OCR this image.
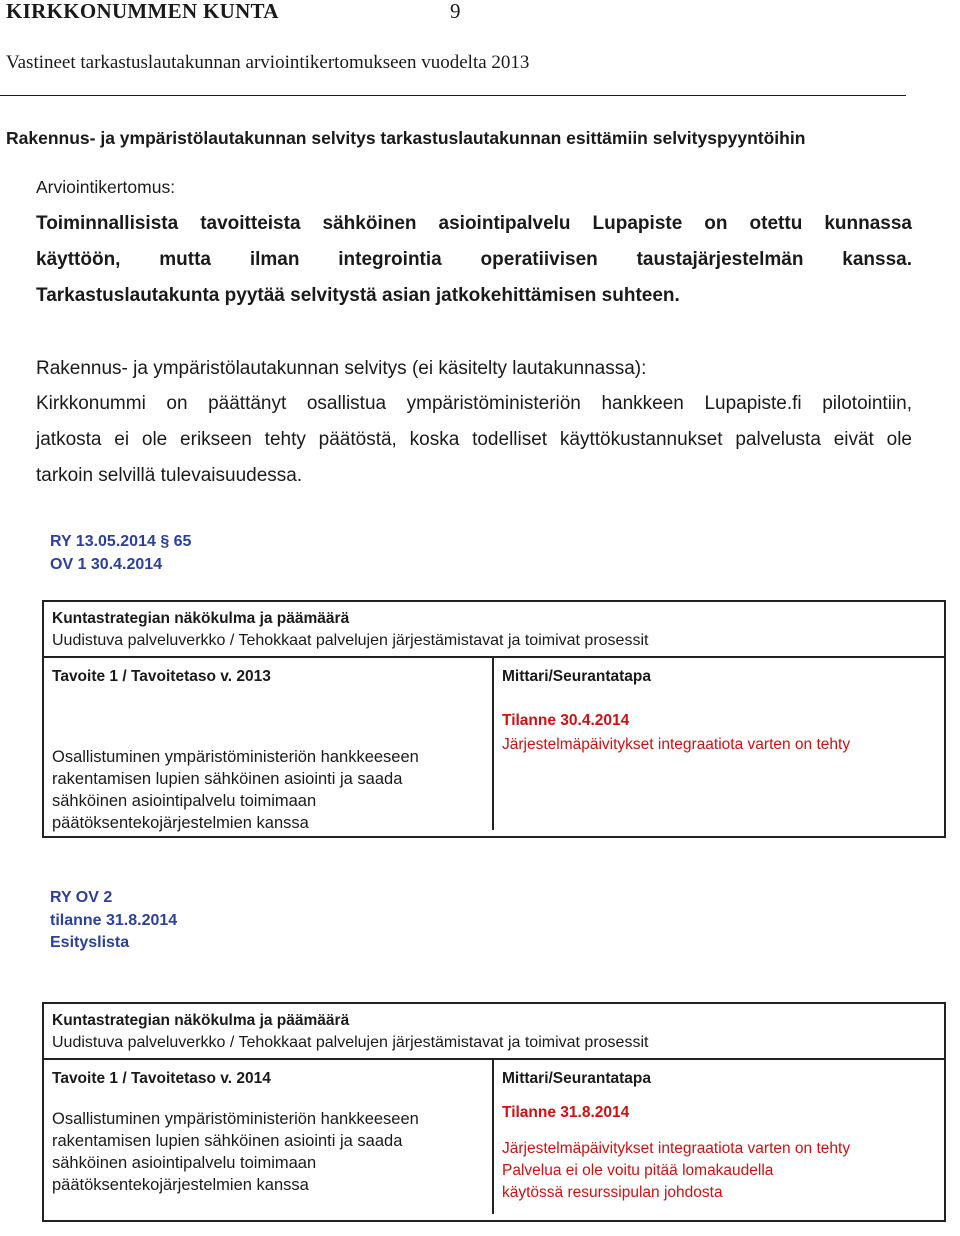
KIRKKONUMMEN KUNTA	9
Vastineet tarkastuslautakunnan arviointikertomukseen vuodelta 2013
Rakennus- ja ympäristölautakunnan selvitys tarkastuslautakunnan esittämiin selvityspyyntöihin
Arviointikertomus:

Toiminnallisista tavoitteista sähköinen asiointipalvelu Lupapiste on otettu kunnassa

käyttöön, mutta ilman integrointia operatiivisen taustajärjestelmän kanssa.

Tarkastuslautakunta pyytää selvitystä asian jatkokehittämisen suhteen.

Rakennus- ja ympäristölautakunnan selvitys (ei käsitelty lautakunnassa):

Kirkkonummi on päättänyt osallistua ympäristöministeriön hankkeen Lupapiste.fi pilotointiin,

jatkosta ei ole erikseen tehty päätöstä, koska todelliset käyttökustannukset palvelusta eivät ole

tarkoin selvillä tulevaisuudessa.

RY 13.05.2014 § 65
OV 1 30.4.2014
Kuntastrategian näkökulma ja päämäärä
Uudistuva palveluverkko / Tehokkaat palvelujen järjestämistavat ja toimivat prosessit
Tavoite 1 / Tavoitetaso v. 2013
Osallistuminen ympäristöministeriön hankkeeseen
rakentamisen lupien sähköinen asiointi ja saada
sähköinen asiointipalvelu toimimaan
päätöksentekojärjestelmien kanssa
Mittari/Seurantatapa
Tilanne 30.4.2014
Järjestelmäpäivitykset integraatiota varten on tehty
RY OV 2
tilanne 31.8.2014
Esityslista
Kuntastrategian näkökulma ja päämäärä
Uudistuva palveluverkko / Tehokkaat palvelujen järjestämistavat ja toimivat prosessit
Tavoite 1 / Tavoitetaso v. 2014
Osallistuminen ympäristöministeriön hankkeeseen
rakentamisen lupien sähköinen asiointi ja saada
sähköinen asiointipalvelu toimimaan
päätöksentekojärjestelmien kanssa
Mittari/Seurantatapa
Tilanne 31.8.2014
Järjestelmäpäivitykset integraatiota varten on tehty
Palvelua ei ole voitu pitää lomakaudella
käytössä resurssipulan johdosta
